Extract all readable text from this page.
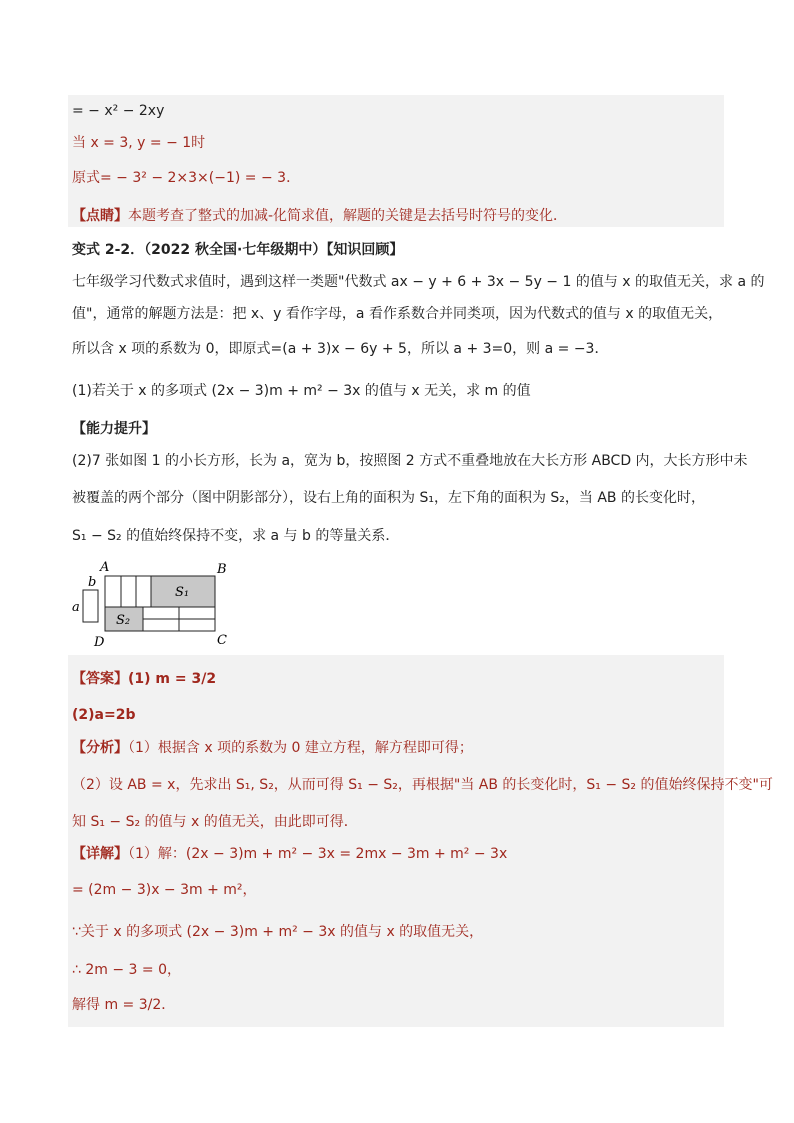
= − x² − 2xy
当 x = 3, y = − 1时
原式= − 3² − 2×3×(−1) = − 3．
【点睛】本题考查了整式的加减-化简求值，解题的关键是去括号时符号的变化．
变式 2-2．（2022 秋全国·七年级期中）【知识回顾】
七年级学习代数式求值时，遇到这样一类题"代数式 ax − y + 6 + 3x − 5y − 1 的值与 x 的取值无关，求 a 的
值"，通常的解题方法是：把 x、y 看作字母，a 看作系数合并同类项，因为代数式的值与 x 的取值无关，
所以含 x 项的系数为 0，即原式=(a + 3)x − 6y + 5，所以 a + 3=0，则 a = −3．
(1)若关于 x 的多项式 (2x − 3)m + m² − 3x 的值与 x 无关，求 m 的值
【能力提升】
(2)7 张如图 1 的小长方形，长为 a，宽为 b，按照图 2 方式不重叠地放在大长方形 ABCD 内，大长方形中未
被覆盖的两个部分（图中阴影部分），设右上角的面积为 S₁，左下角的面积为 S₂，当 AB 的长变化时，
S₁ − S₂ 的值始终保持不变，求 a 与 b 的等量关系．
a
b
S₁
S₂
A	B
C
D
【答案】(1) m = 3/2
(2)a=2b
【分析】（1）根据含 x 项的系数为 0 建立方程，解方程即可得；
（2）设 AB = x，先求出 S₁, S₂，从而可得 S₁ − S₂，再根据"当 AB 的长变化时，S₁ − S₂ 的值始终保持不变"可
知 S₁ − S₂ 的值与 x 的值无关，由此即可得．
【详解】（1）解：(2x − 3)m + m² − 3x = 2mx − 3m + m² − 3x
= (2m − 3)x − 3m + m²，
∵关于 x 的多项式 (2x − 3)m + m² − 3x 的值与 x 的取值无关，
∴ 2m − 3 = 0，
解得 m = 3/2．
